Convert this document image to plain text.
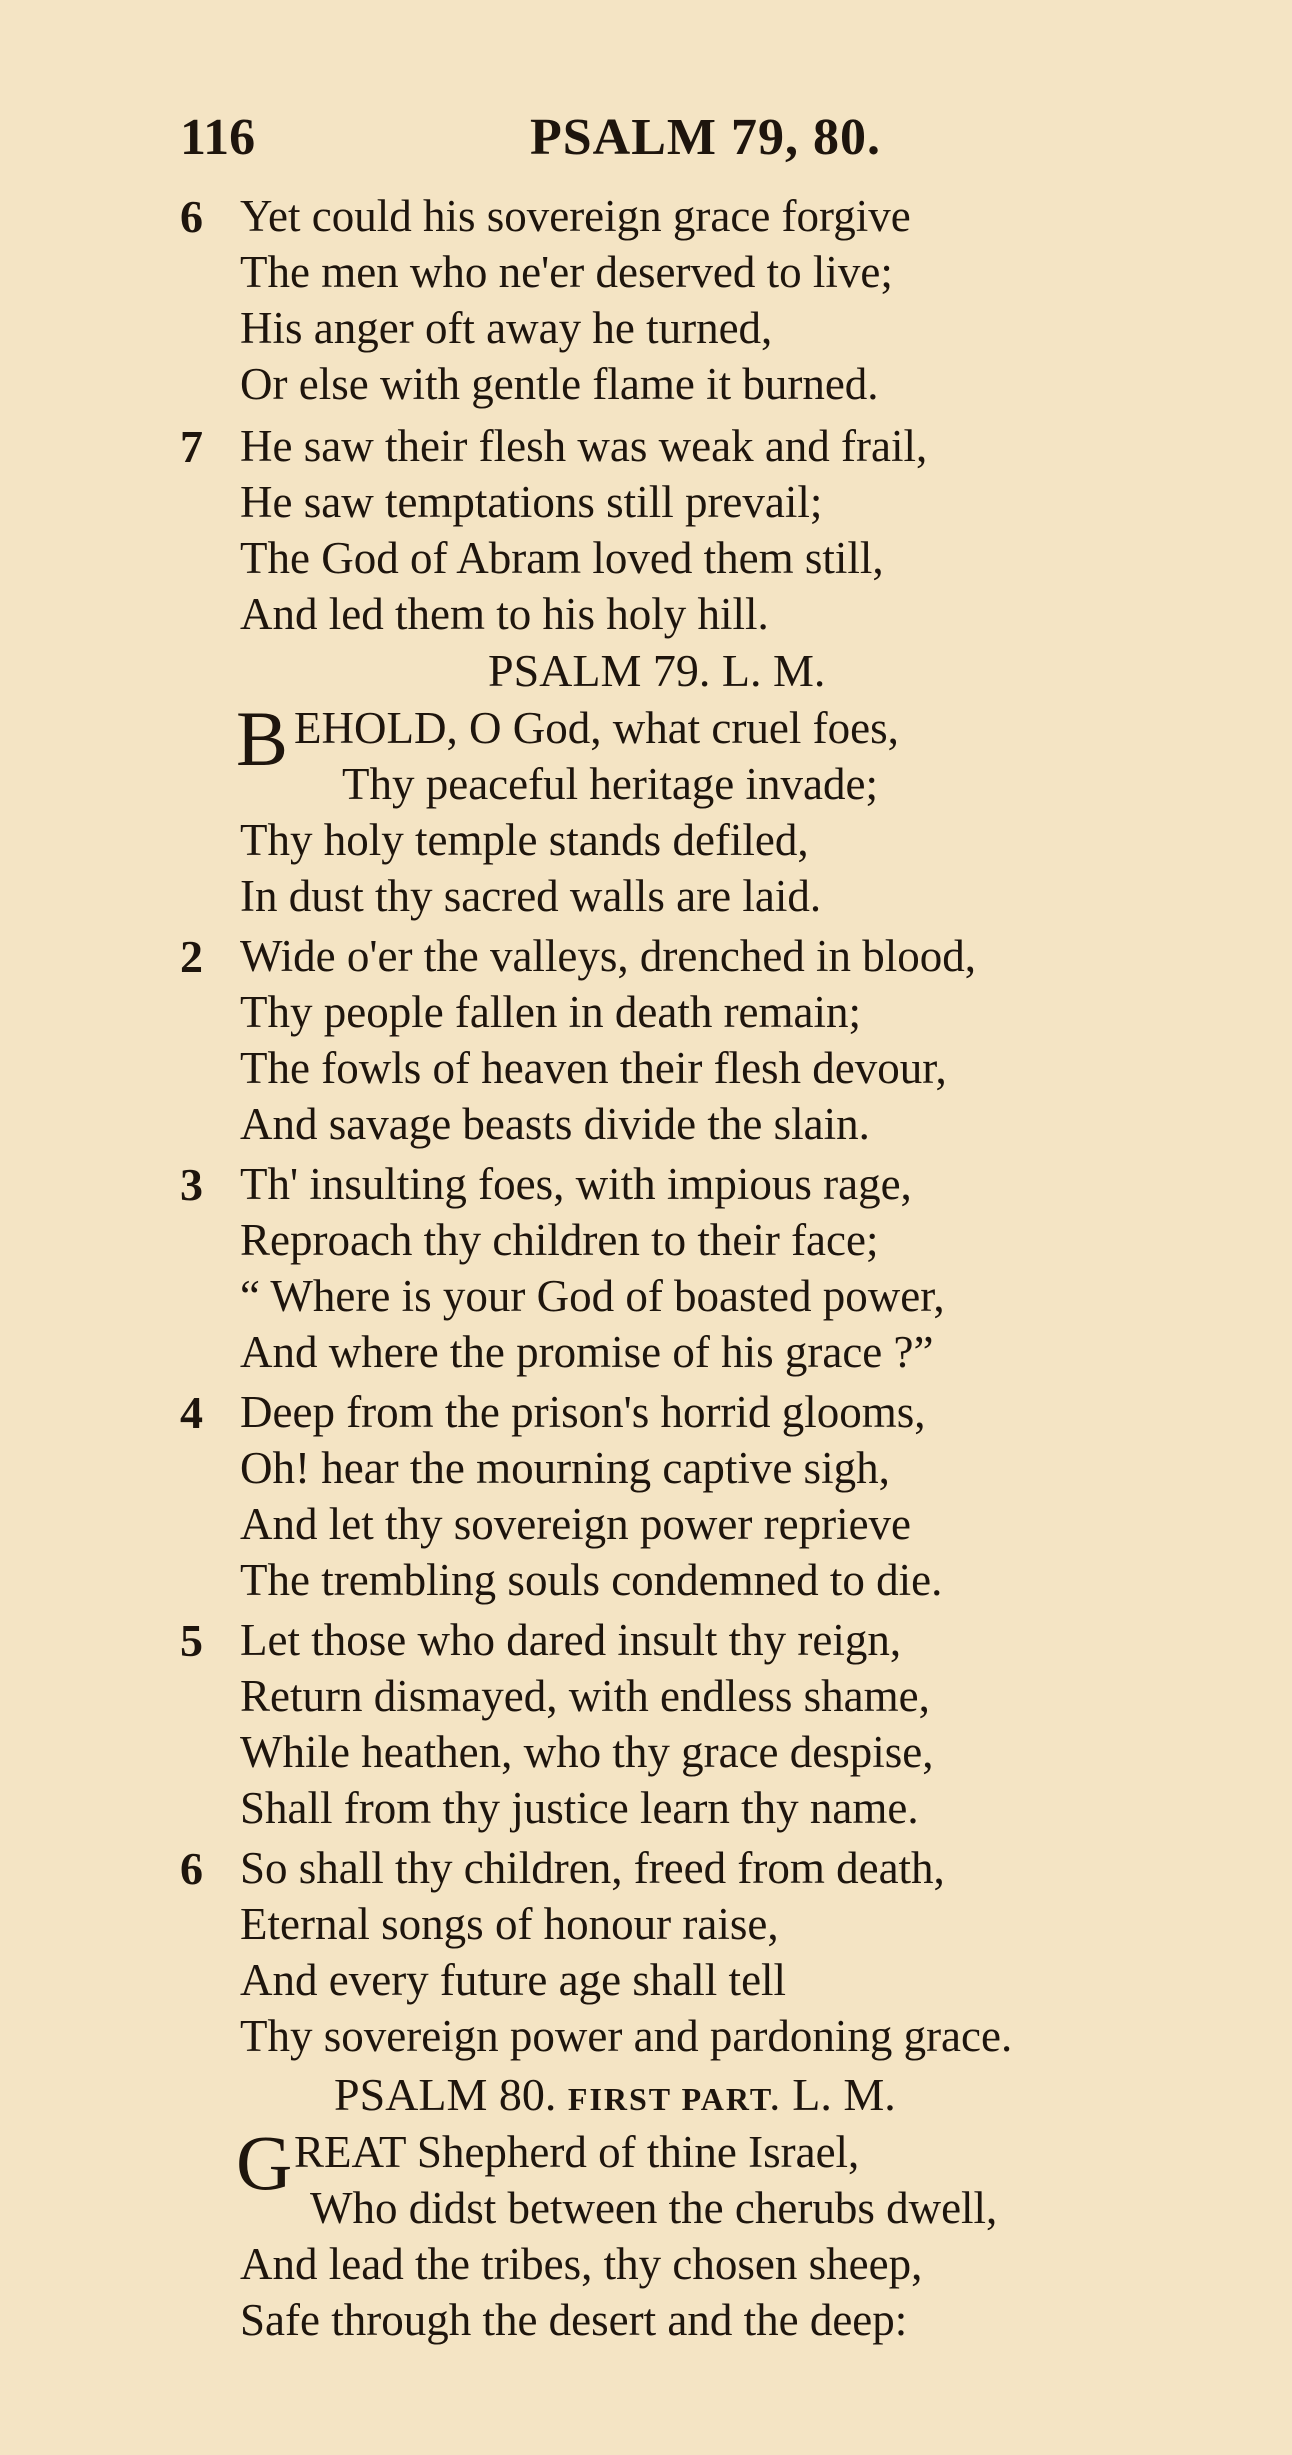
116	PSALM 79, 80.
6 Yet could his sovereign grace forgive
The men who ne'er deserved to live;
His anger oft away he turned,
Or else with gentle flame it burned.
7 He saw their flesh was weak and frail,
He saw temptations still prevail;
The God of Abram loved them still,
And led them to his holy hill.
PSALM 79. L. M.
B EHOLD, O God, what cruel foes,
Thy peaceful heritage invade;
Thy holy temple stands defiled,
In dust thy sacred walls are laid.
2 Wide o'er the valleys, drenched in blood,
Thy people fallen in death remain;
The fowls of heaven their flesh devour,
And savage beasts divide the slain.
3 Th' insulting foes, with impious rage,
Reproach thy children to their face;
“ Where is your God of boasted power,
And where the promise of his grace ?”
4 Deep from the prison's horrid glooms,
Oh! hear the mourning captive sigh,
And let thy sovereign power reprieve
The trembling souls condemned to die.
5 Let those who dared insult thy reign,
Return dismayed, with endless shame,
While heathen, who thy grace despise,
Shall from thy justice learn thy name.
6 So shall thy children, freed from death,
Eternal songs of honour raise,
And every future age shall tell
Thy sovereign power and pardoning grace.
PSALM 80. FIRST PART. L. M.
G REAT Shepherd of thine Israel,
Who didst between the cherubs dwell,
And lead the tribes, thy chosen sheep,
Safe through the desert and the deep:
